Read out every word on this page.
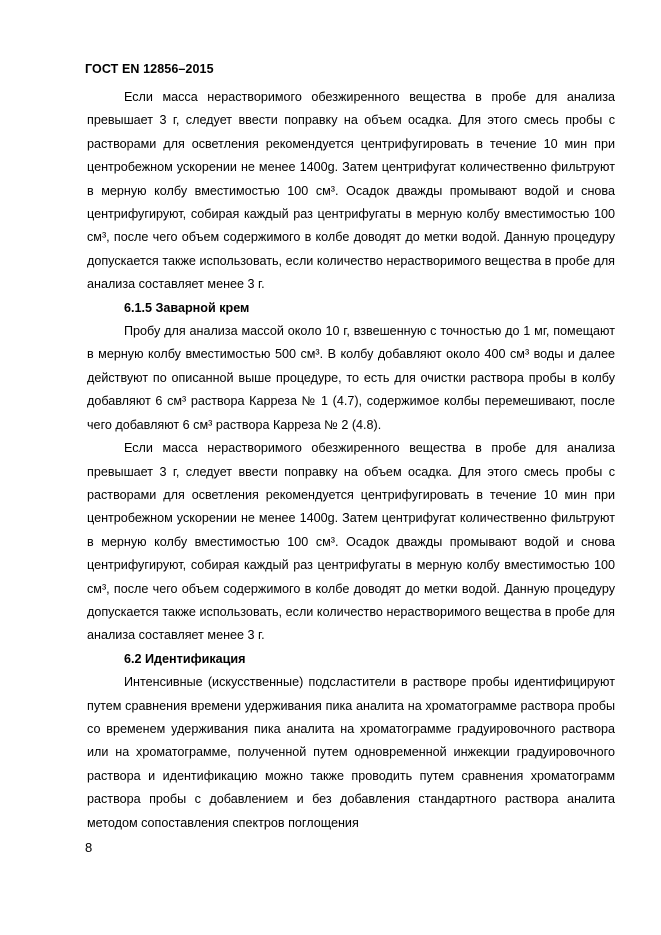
ГОСТ EN 12856–2015

Если масса нерастворимого обезжиренного вещества в пробе для анализа превышает 3 г, следует ввести поправку на объем осадка. Для этого смесь пробы с растворами для осветления рекомендуется центрифугировать в течение 10 мин при центробежном ускорении не менее 1400g. Затем центрифугат количественно фильтруют в мерную колбу вместимостью 100 см³. Осадок дважды промывают водой и снова центрифугируют, собирая каждый раз центрифугаты в мерную колбу вместимостью 100 см³, после чего объем содержимого в колбе доводят до метки водой. Данную процедуру допускается также использовать, если количество нерастворимого вещества в пробе для анализа составляет менее 3 г.

6.1.5 Заварной крем

Пробу для анализа массой около 10 г, взвешенную с точностью до 1 мг, помещают в мерную колбу вместимостью 500 см³. В колбу добавляют около 400 см³ воды и далее действуют по описанной выше процедуре, то есть для очистки раствора пробы в колбу добавляют 6 см³ раствора Карреза № 1 (4.7), содержимое колбы перемешивают, после чего добавляют 6 см³ раствора Карреза № 2 (4.8).

Если масса нерастворимого обезжиренного вещества в пробе для анализа превышает 3 г, следует ввести поправку на объем осадка. Для этого смесь пробы с растворами для осветления рекомендуется центрифугировать в течение 10 мин при центробежном ускорении не менее 1400g. Затем центрифугат количественно фильтруют в мерную колбу вместимостью 100 см³. Осадок дважды промывают водой и снова центрифугируют, собирая каждый раз центрифугаты в мерную колбу вместимостью 100 см³, после чего объем содержимого в колбе доводят до метки водой. Данную процедуру допускается также использовать, если количество нерастворимого вещества в пробе для анализа составляет менее 3 г.

6.2 Идентификация

Интенсивные (искусственные) подсластители в растворе пробы идентифицируют путем сравнения времени удерживания пика аналита на хроматограмме раствора пробы со временем удерживания пика аналита на хроматограмме градуировочного раствора или на хроматограмме, полученной путем одновременной инжекции градуировочного раствора и идентификацию можно также проводить путем сравнения хроматограмм раствора пробы с добавлением и без добавления стандартного раствора аналита методом сопоставления спектров поглощения

8
